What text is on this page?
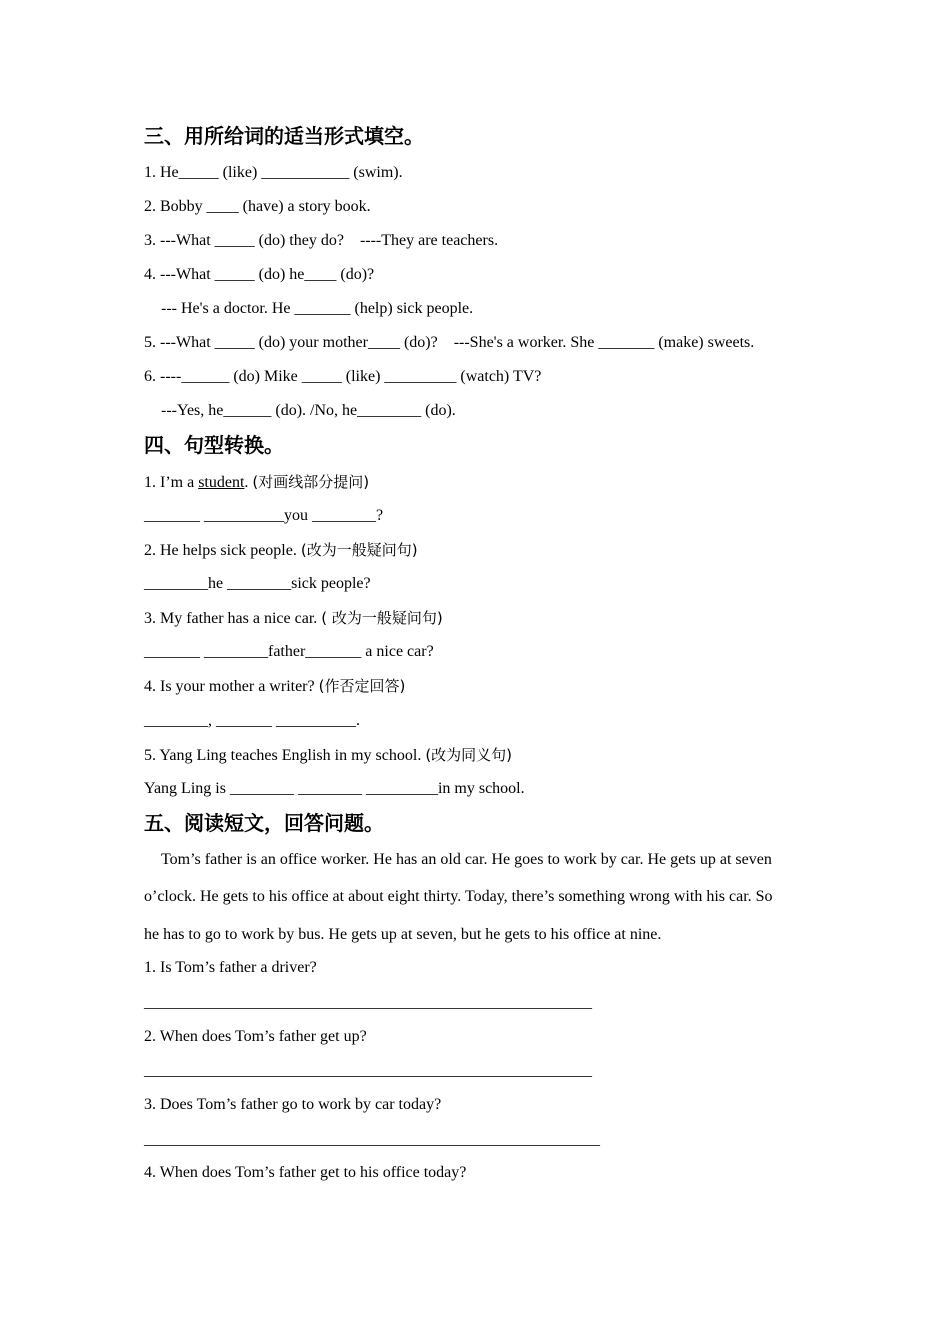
三、用所给词的适当形式填空。
1. He_____ (like) ___________ (swim).
2. Bobby ____ (have) a story book.
3. ---What _____ (do) they do?    ----They are teachers.
4. ---What _____ (do) he____ (do)?
--- He's a doctor. He _______ (help) sick people.
5. ---What _____ (do) your mother____ (do)?    ---She's a worker. She _______ (make) sweets.
6. ----______ (do) Mike _____ (like) _________ (watch) TV?
---Yes, he______ (do). /No, he________ (do).
四、句型转换。
1. I’m a student. (对画线部分提问)
_______ __________you ________?
2. He helps sick people. (改为一般疑问句)
________he ________sick people?
3. My father has a nice car. ( 改为一般疑问句)
_______ ________father_______ a nice car?
4. Is your mother a writer? (作否定回答)
________, _______ __________.
5. Yang Ling teaches English in my school. (改为同义句)
Yang Ling is ________ ________ _________in my school.
五、阅读短文，回答问题。
Tom’s father is an office worker. He has an old car. He goes to work by car. He gets up at seven
o’clock. He gets to his office at about eight thirty. Today, there’s something wrong with his car. So
he has to go to work by bus. He gets up at seven, but he gets to his office at nine.
1. Is Tom’s father a driver?
________________________________________________________
2. When does Tom’s father get up?
________________________________________________________
3. Does Tom’s father go to work by car today?
_________________________________________________________
4. When does Tom’s father get to his office today?
